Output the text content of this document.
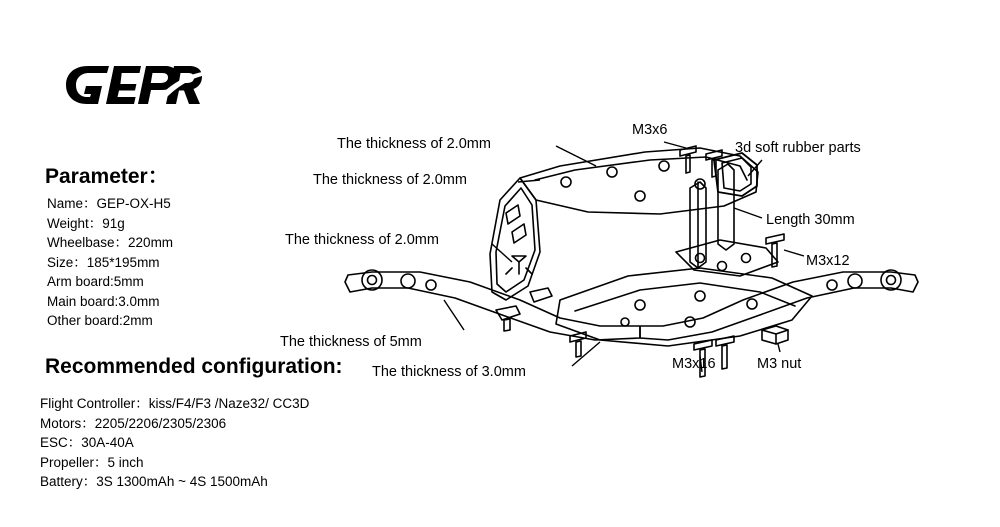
Parameter：
Name：GEP-OX-H5
Weight：91g
Wheelbase：220mm
Size：185*195mm
Arm board:5mm
Main board:3.0mm
Other board:2mm
Recommended configuration:
Flight Controller：kiss/F4/F3 /Naze32/ CC3D
Motors：2205/2206/2305/2306
ESC：30A-40A
Propeller：5 inch
Battery：3S 1300mAh ~ 4S 1500mAh
The thickness of 2.0mm
The thickness of 2.0mm
The thickness of 2.0mm
The thickness of 5mm
The thickness of 3.0mm
M3x6
3d soft rubber parts
Length 30mm
M3x12
M3x16	M3 nut
